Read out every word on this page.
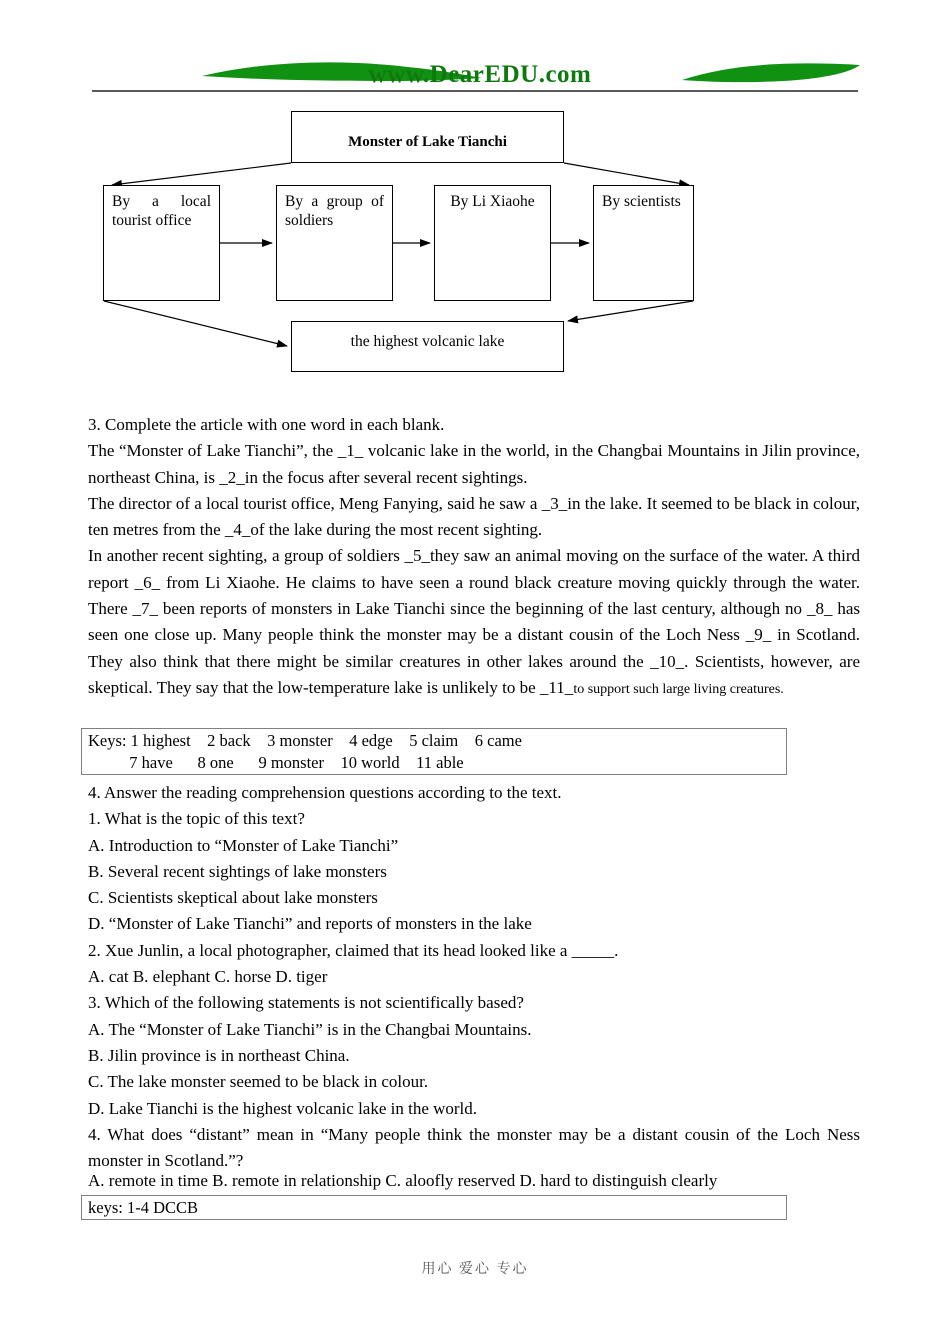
www.DearEDU.com
Monster of Lake Tianchi
By a local tourist office
By a group of soldiers
By Li Xiaohe	By scientists
the highest volcanic lake
3. Complete the article with one word in each blank.
The “Monster of Lake Tianchi”, the _1_ volcanic lake in the world, in the Changbai Mountains in Jilin province, northeast China, is _2_in the focus after several recent sightings.
The director of a local tourist office, Meng Fanying, said he saw a _3_in the lake. It seemed to be black in colour, ten metres from the _4_of the lake during the most recent sighting.
In another recent sighting, a group of soldiers _5_they saw an animal moving on the surface of the water. A third report _6_ from Li Xiaohe. He claims to have seen a round black creature moving quickly through the water. There _7_ been reports of monsters in Lake Tianchi since the beginning of the last century, although no _8_ has seen one close up. Many people think the monster may be a distant cousin of the Loch Ness _9_ in Scotland. They also think that there might be similar creatures in other lakes around the _10_. Scientists, however, are skeptical. They say that the low-temperature lake is unlikely to be _11_to support such large living creatures.
Keys: 1 highest    2 back    3 monster    4 edge    5 claim    6 came
7 have      8 one      9 monster    10 world    11 able
4. Answer the reading comprehension questions according to the text.
1. What is the topic of this text?
A. Introduction to “Monster of Lake Tianchi”
B. Several recent sightings of lake monsters
C. Scientists skeptical about lake monsters
D. “Monster of Lake Tianchi” and reports of monsters in the lake
2. Xue Junlin, a local photographer, claimed that its head looked like a _____.
A. cat B. elephant C. horse D. tiger
3. Which of the following statements is not scientifically based?
A. The “Monster of Lake Tianchi” is in the Changbai Mountains.
B. Jilin province is in northeast China.
C. The lake monster seemed to be black in colour.
D. Lake Tianchi is the highest volcanic lake in the world.
4. What does “distant” mean in “Many people think the monster may be a distant cousin of the Loch Ness monster in Scotland.”?
A. remote in time B. remote in relationship C. aloofly reserved D. hard to distinguish clearly
keys: 1-4 DCCB
用心 爱心 专心
